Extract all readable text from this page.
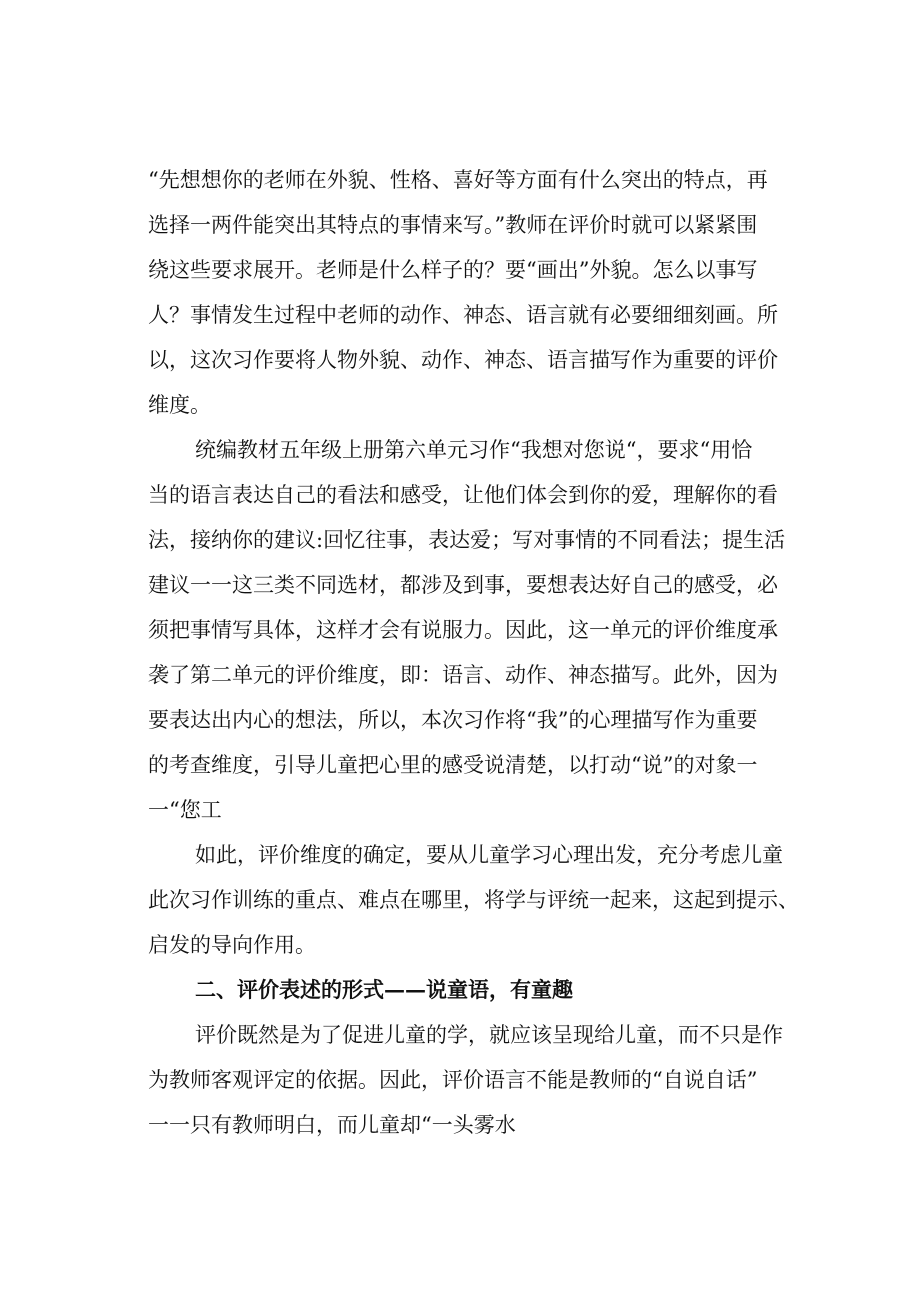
“先想想你的老师在外貌、性格、喜好等方面有什么突出的特点，再
选择一两件能突出其特点的事情来写。”教师在评价时就可以紧紧围
绕这些要求展开。老师是什么样子的？要“画出”外貌。怎么以事写
人？事情发生过程中老师的动作、神态、语言就有必要细细刻画。所
以，这次习作要将人物外貌、动作、神态、语言描写作为重要的评价
维度。
统编教材五年级上册第六单元习作“我想对您说“，要求“用恰
当的语言表达自己的看法和感受，让他们体会到你的爱，理解你的看
法，接纳你的建议:回忆往事，表达爱；写对事情的不同看法；提生活
建议一一这三类不同选材，都涉及到事，要想表达好自己的感受，必
须把事情写具体，这样才会有说服力。因此，这一单元的评价维度承
袭了第二单元的评价维度，即：语言、动作、神态描写。此外，因为
要表达出内心的想法，所以，本次习作将“我”的心理描写作为重要
的考查维度，引导儿童把心里的感受说清楚，以打动“说”的对象一
一“您工
如此，评价维度的确定，要从儿童学习心理出发，充分考虑儿童
此次习作训练的重点、难点在哪里，将学与评统一起来，这起到提示、
启发的导向作用。
二、评价表述的形式——说童语，有童趣
评价既然是为了促进儿童的学，就应该呈现给儿童，而不只是作
为教师客观评定的依据。因此，评价语言不能是教师的“自说自话”
一一只有教师明白，而儿童却“一头雾水
